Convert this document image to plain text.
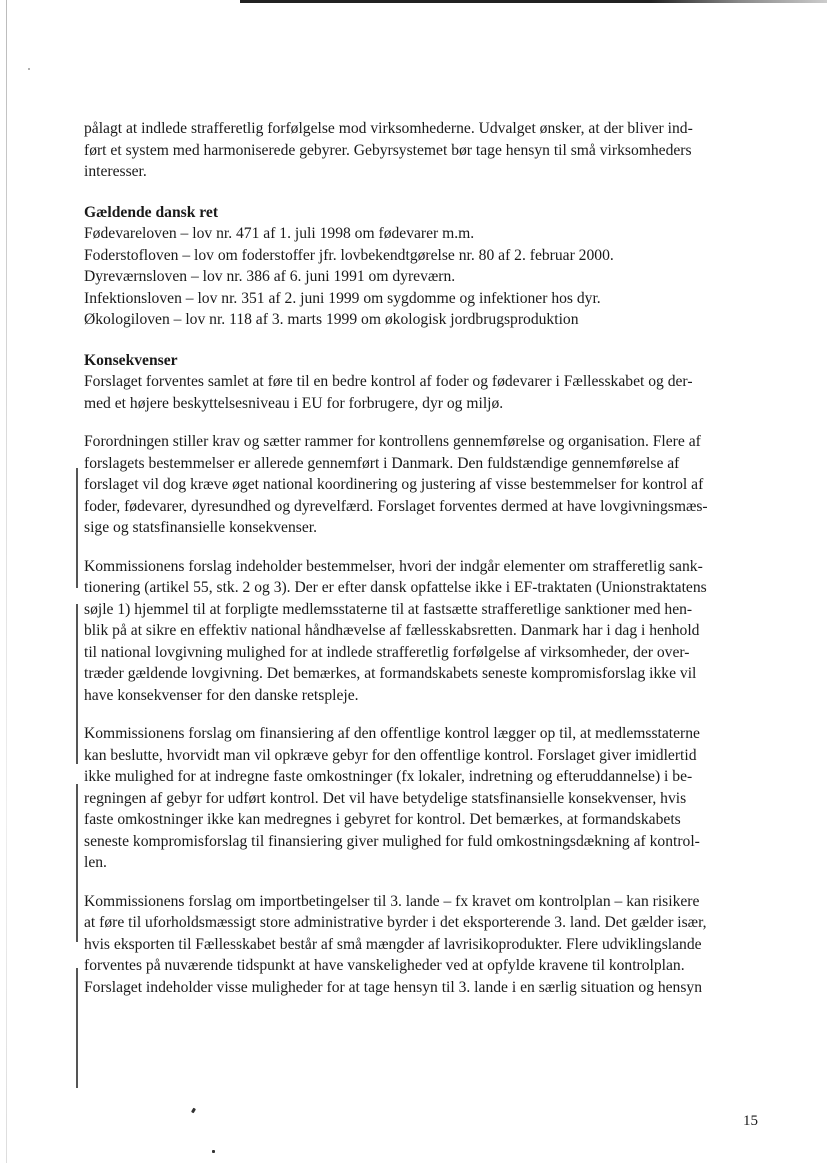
pålagt at indlede strafferetlig forfølgelse mod virksomhederne. Udvalget ønsker, at der bliver ind-
ført et system med harmoniserede gebyrer. Gebyrsystemet bør tage hensyn til små virksomheders
interesser.

Gældende dansk ret

Fødevareloven – lov nr. 471 af 1. juli 1998 om fødevarer m.m.
Foderstofloven – lov om foderstoffer jfr. lovbekendtgørelse nr. 80 af 2. februar 2000.
Dyreværnsloven – lov nr. 386 af 6. juni 1991 om dyreværn.
Infektionsloven – lov nr. 351 af 2. juni 1999 om sygdomme og infektioner hos dyr.
Økologiloven – lov nr. 118 af 3. marts 1999 om økologisk jordbrugsproduktion

Konsekvenser

Forslaget forventes samlet at føre til en bedre kontrol af foder og fødevarer i Fællesskabet og der-
med et højere beskyttelsesniveau i EU for forbrugere, dyr og miljø.

Forordningen stiller krav og sætter rammer for kontrollens gennemførelse og organisation. Flere af
forslagets bestemmelser er allerede gennemført i Danmark. Den fuldstændige gennemførelse af
forslaget vil dog kræve øget national koordinering og justering af visse bestemmelser for kontrol af
foder, fødevarer, dyresundhed og dyrevelfærd. Forslaget forventes dermed at have lovgivningsmæs-
sige og statsfinansielle konsekvenser.

Kommissionens forslag indeholder bestemmelser, hvori der indgår elementer om strafferetlig sank-
tionering (artikel 55, stk. 2 og 3). Der er efter dansk opfattelse ikke i EF-traktaten (Unionstraktatens
søjle 1) hjemmel til at forpligte medlemsstaterne til at fastsætte strafferetlige sanktioner med hen-
blik på at sikre en effektiv national håndhævelse af fællesskabsretten. Danmark har i dag i henhold
til national lovgivning mulighed for at indlede strafferetlig forfølgelse af virksomheder, der over-
træder gældende lovgivning. Det bemærkes, at formandskabets seneste kompromisforslag ikke vil
have konsekvenser for den danske retspleje.

Kommissionens forslag om finansiering af den offentlige kontrol lægger op til, at medlemsstaterne
kan beslutte, hvorvidt man vil opkræve gebyr for den offentlige kontrol. Forslaget giver imidlertid
ikke mulighed for at indregne faste omkostninger (fx lokaler, indretning og efteruddannelse) i be-
regningen af gebyr for udført kontrol. Det vil have betydelige statsfinansielle konsekvenser, hvis
faste omkostninger ikke kan medregnes i gebyret for kontrol. Det bemærkes, at formandskabets
seneste kompromisforslag til finansiering giver mulighed for fuld omkostningsdækning af kontrol-
len.

Kommissionens forslag om importbetingelser til 3. lande – fx kravet om kontrolplan – kan risikere
at føre til uforholdsmæssigt store administrative byrder i det eksporterende 3. land. Det gælder især,
hvis eksporten til Fællesskabet består af små mængder af lavrisikoprodukter. Flere udviklingslande
forventes på nuværende tidspunkt at have vanskeligheder ved at opfylde kravene til kontrolplan.
Forslaget indeholder visse muligheder for at tage hensyn til 3. lande i en særlig situation og hensyn

15
